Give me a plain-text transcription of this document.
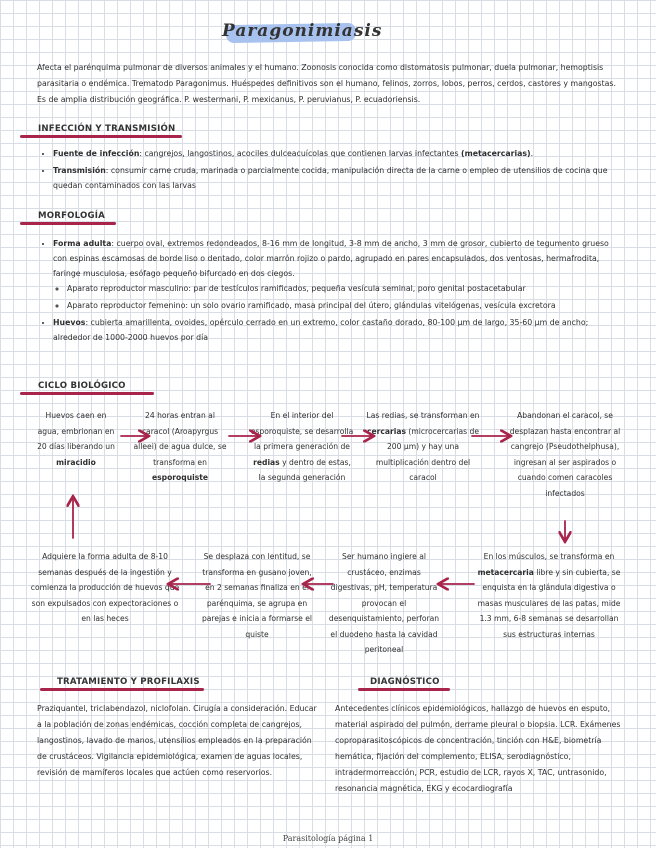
Paragonimiasis
Afecta el parénquima pulmonar de diversos animales y el humano. Zoonosis conocida como distomatosis pulmonar, duela pulmonar, hemoptisis parasitaria o endémica. Trematodo Paragonimus. Huéspedes definitivos son el humano, felinos, zorros, lobos, perros, cerdos, castores y mangostas. Es de amplia distribución geográfica. P. westermani, P. mexicanus, P. peruvianus, P. ecuadoriensis.
INFECCIÓN Y TRANSMISIÓN
• Fuente de infección: cangrejos, langostinos, acociles dulceacuícolas que contienen larvas infectantes (metacercarias).
• Transmisión: consumir carne cruda, marinada o parcialmente cocida, manipulación directa de la carne o empleo de utensilios de cocina que quedan contaminados con las larvas
MORFOLOGÍA
• Forma adulta: cuerpo oval, extremos redondeados, 8-16 mm de longitud, 3-8 mm de ancho, 3 mm de grosor, cubierto de tegumento grueso con espinas escamosas de borde liso o dentado, color marrón rojizo o pardo, agrupado en pares encapsulados, dos ventosas, hermafrodita, faringe musculosa, esófago pequeño bifurcado en dos ciegos.
◦ Aparato reproductor masculino: par de testículos ramificados, pequeña vesícula seminal, poro genital postacetabular
◦ Aparato reproductor femenino: un solo ovario ramificado, masa principal del útero, glándulas vitelógenas, vesícula excretora
• Huevos: cubierta amarillenta, ovoides, opérculo cerrado en un extremo, color castaño dorado, 80-100 µm de largo, 35-60 µm de ancho; alrededor de 1000-2000 huevos por día
CICLO BIOLÓGICO
Huevos caen en agua, embrionan en 20 días liberando un miracidio
24 horas entran al caracol (Aroapyrgus alleei) de agua dulce, se transforma en esporoquiste
En el interior del esporoquiste, se desarrolla la primera generación de redias y dentro de estas, la segunda generación
Las redias, se transforman en cercarias (microcercarias de 200 µm) y hay una multiplicación dentro del caracol
Abandonan el caracol, se desplazan hasta encontrar al cangrejo (Pseudothelphusa), ingresan al ser aspirados o cuando comen caracoles infectados
En los músculos, se transforma en metacercaria libre y sin cubierta, se enquista en la glándula digestiva o masas musculares de las patas, mide 1.3 mm, 6-8 semanas se desarrollan sus estructuras internas
Ser humano ingiere al crustáceo, enzimas digestivas, pH, temperatura provocan el desenquistamiento, perforan el duodeno hasta la cavidad peritoneal
Se desplaza con lentitud, se transforma en gusano joven, en 2 semanas finaliza en el parénquima, se agrupa en parejas e inicia a formarse el quiste
Adquiere la forma adulta de 8-10 semanas después de la ingestión y comienza la producción de huevos que son expulsados con expectoraciones o en las heces
TRATAMIENTO Y PROFILAXIS
Praziquantel, triclabendazol, niclofolan. Cirugía a consideración. Educar a la población de zonas endémicas, cocción completa de cangrejos, langostinos, lavado de manos, utensilios empleados en la preparación de crustáceos. Vigilancia epidemiológica, examen de aguas locales, revisión de mamíferos locales que actúen como reservorios.
DIAGNÓSTICO
Antecedentes clínicos epidemiológicos, hallazgo de huevos en esputo, material aspirado del pulmón, derrame pleural o biopsia. LCR. Exámenes coproparasitoscópicos de concentración, tinción con H&E, biometría hemática, fijación del complemento, ELISA, serodiagnóstico, intradermorreacción, PCR, estudio de LCR, rayos X, TAC, untrasonido, resonancia magnética, EKG y ecocardiografía
Parasitología página 1
